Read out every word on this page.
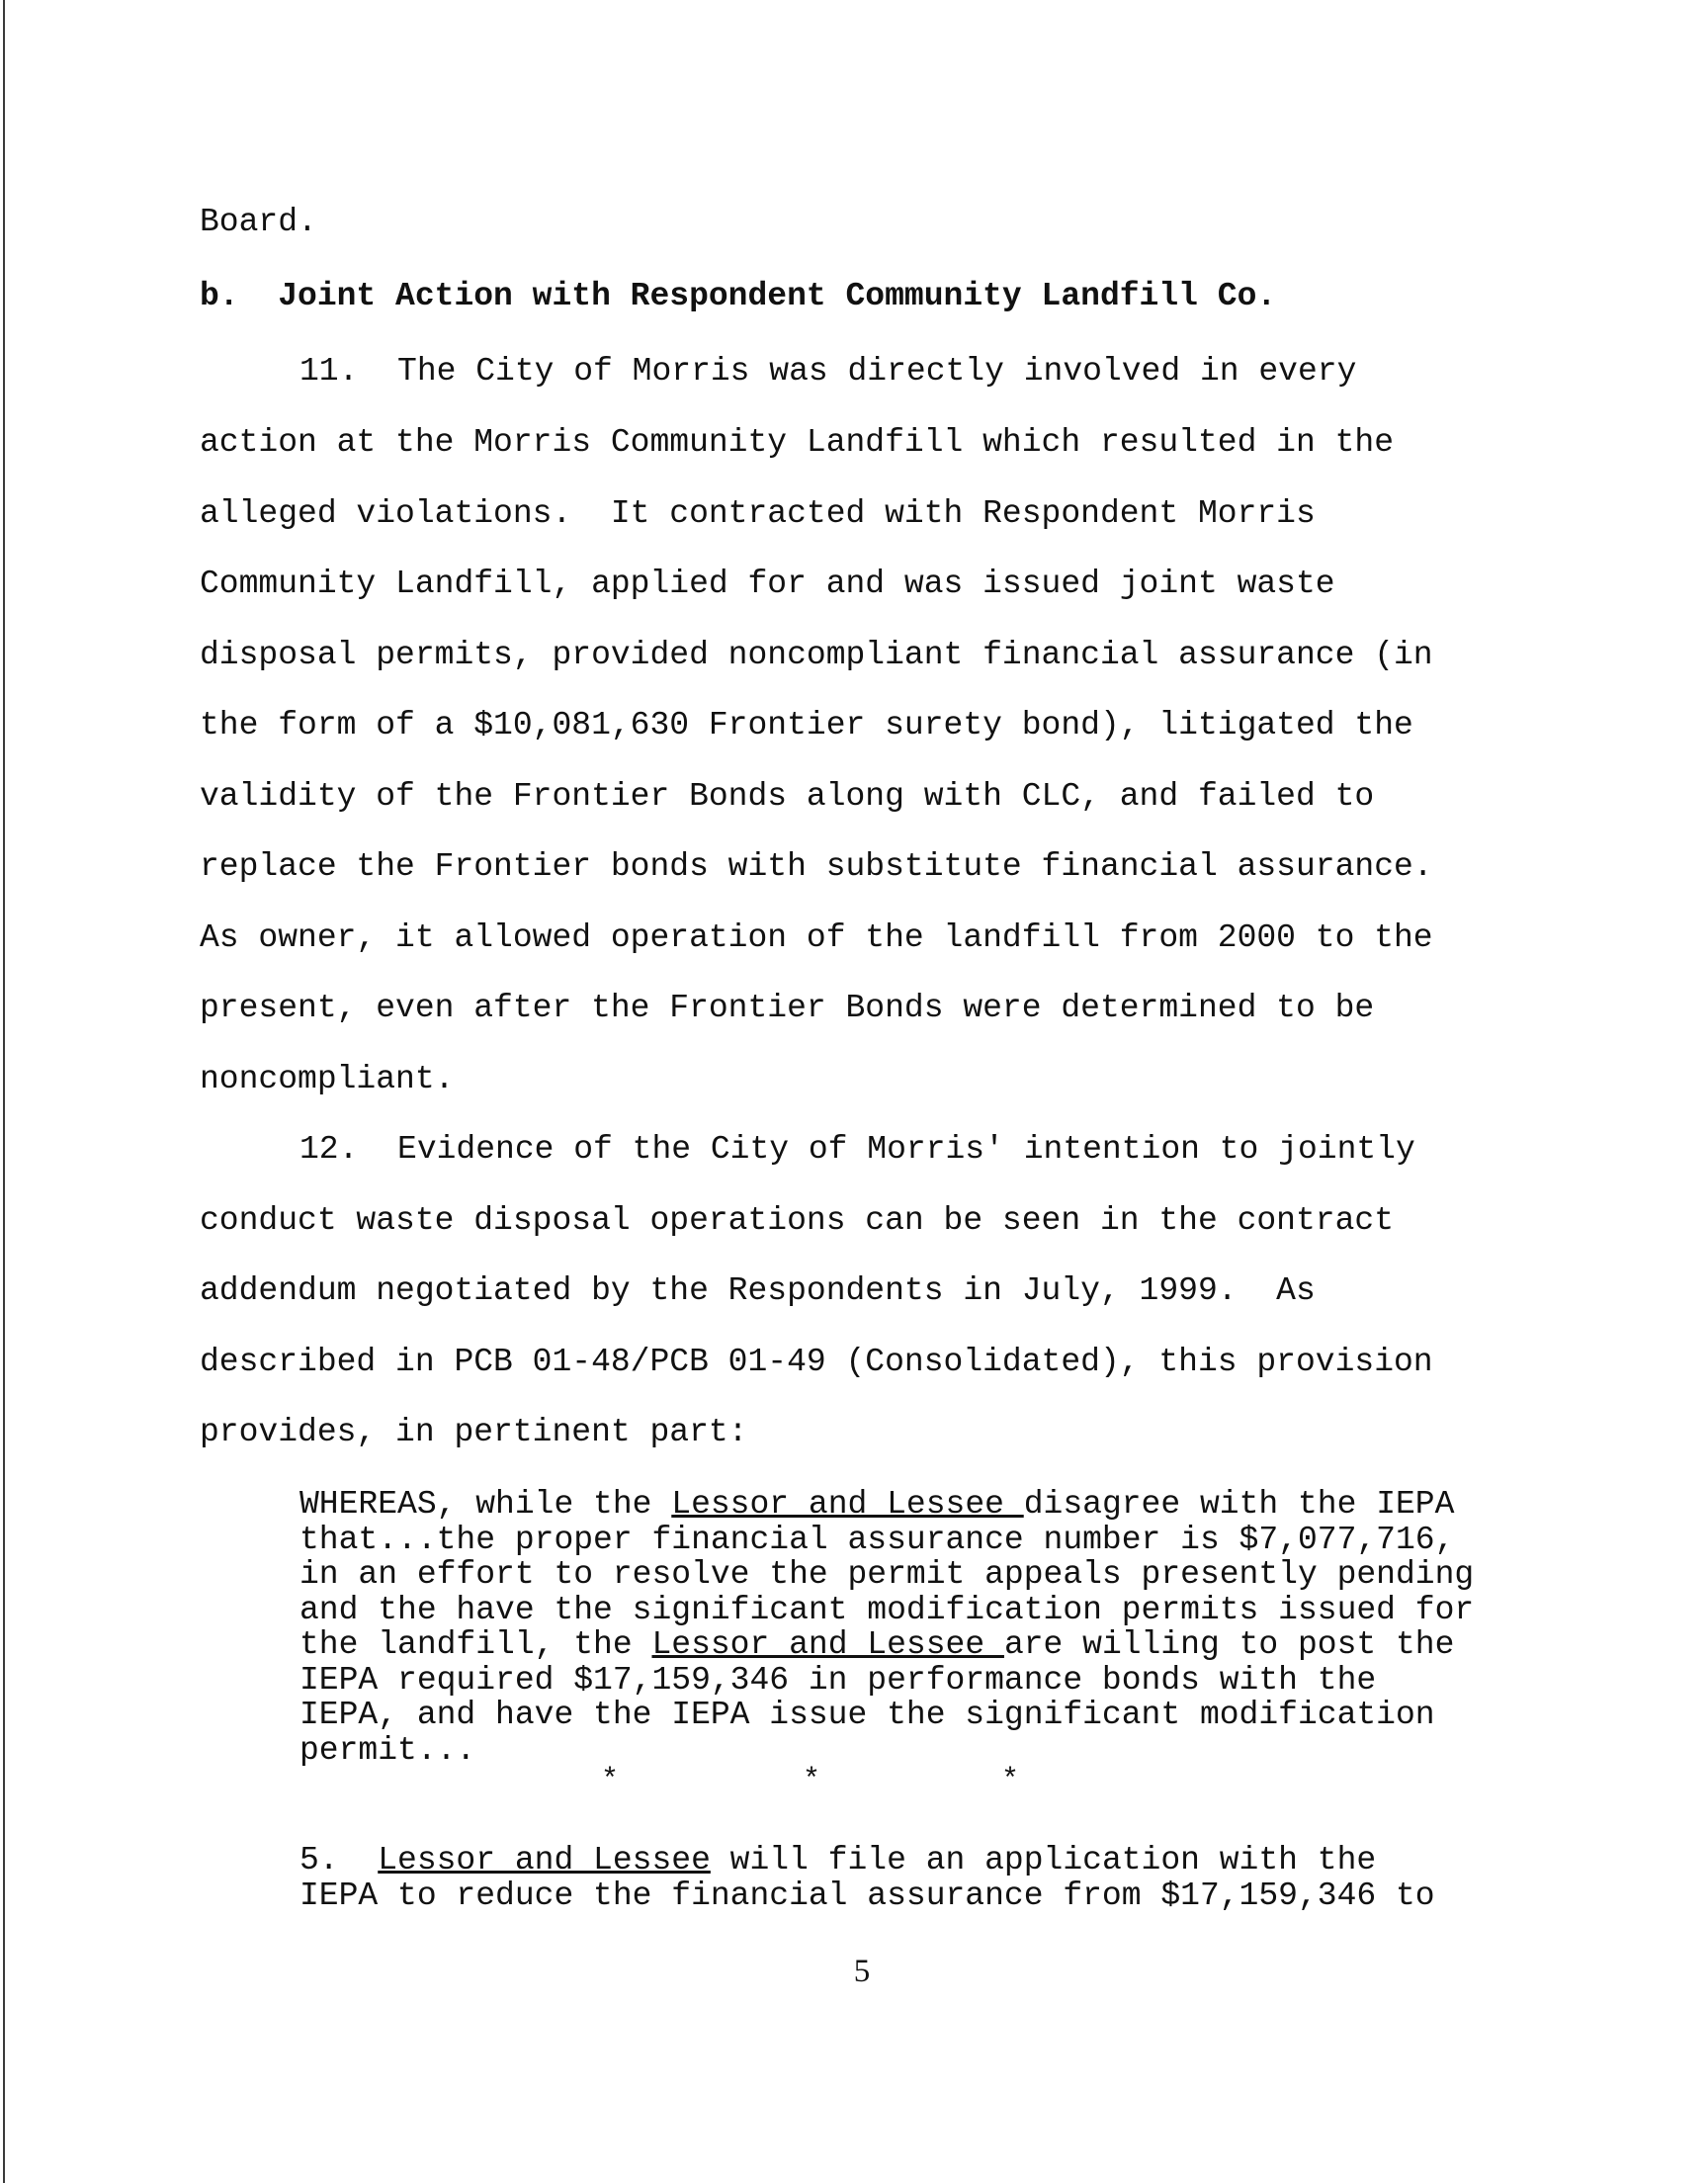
Board.
b.  Joint Action with Respondent Community Landfill Co.
11.  The City of Morris was directly involved in every
action at the Morris Community Landfill which resulted in the
alleged violations.  It contracted with Respondent Morris
Community Landfill, applied for and was issued joint waste
disposal permits, provided noncompliant financial assurance (in
the form of a $10,081,630 Frontier surety bond), litigated the
validity of the Frontier Bonds along with CLC, and failed to
replace the Frontier bonds with substitute financial assurance.
As owner, it allowed operation of the landfill from 2000 to the
present, even after the Frontier Bonds were determined to be
noncompliant.
12.  Evidence of the City of Morris' intention to jointly
conduct waste disposal operations can be seen in the contract
addendum negotiated by the Respondents in July, 1999.  As
described in PCB 01-48/PCB 01-49 (Consolidated), this provision
provides, in pertinent part:
WHEREAS, while the Lessor and Lessee disagree with the IEPA
that...the proper financial assurance number is $7,077,716,
in an effort to resolve the permit appeals presently pending
and the have the significant modification permits issued for
the landfill, the Lessor and Lessee are willing to post the
IEPA required $17,159,346 in performance bonds with the
IEPA, and have the IEPA issue the significant modification
permit...
*	*	*
5.  Lessor and Lessee will file an application with the
IEPA to reduce the financial assurance from $17,159,346 to
5
